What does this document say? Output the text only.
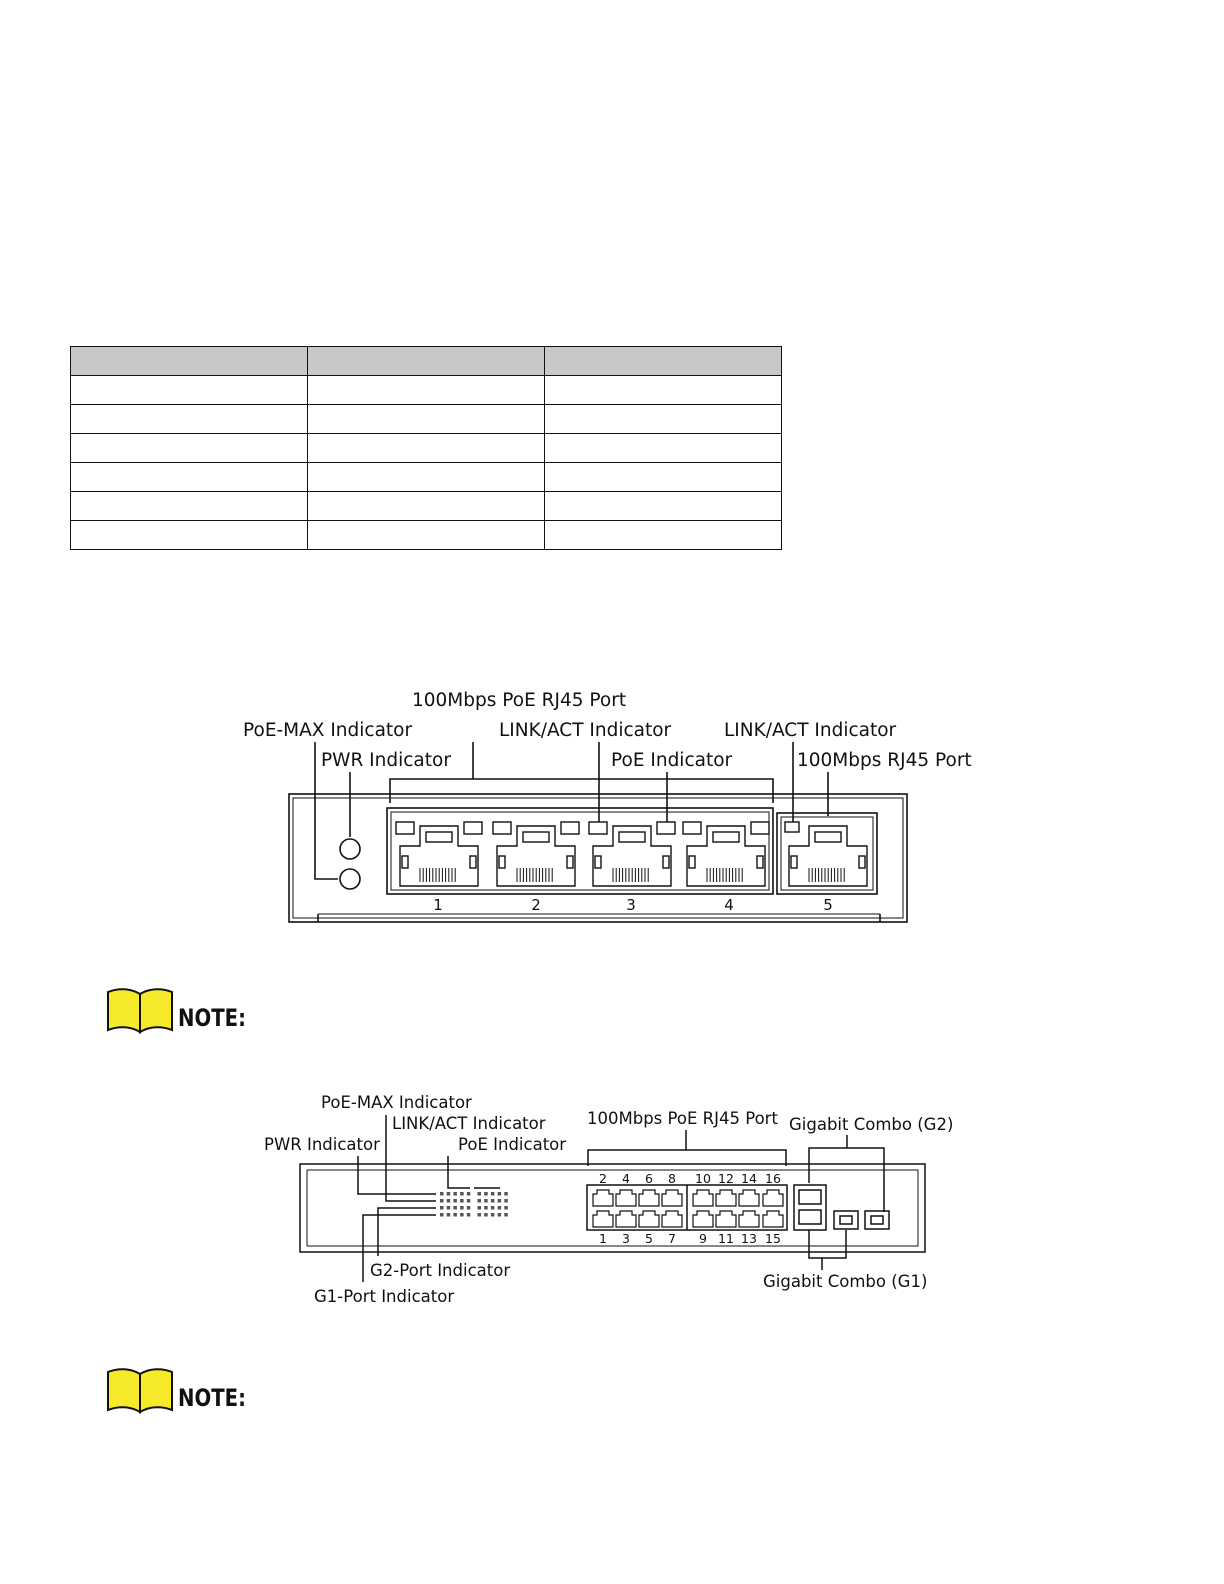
100Mbps PoE RJ45 Port
PoE-MAX Indicator	LINK/ACT Indicator	LINK/ACT Indicator
PWR Indicator	PoE Indicator	100Mbps RJ45 Port
1	2	3	4	5
NOTE:
PoE-MAX Indicator
LINK/ACT Indicator
PWR Indicator	PoE Indicator
100Mbps PoE RJ45 Port Gigabit Combo (G2)
G2-Port Indicator
G1-Port Indicator
Gigabit Combo (G1)
2 4 6 8 10 12 14 16
1 3 5 7 9 11 13 15
NOTE:
